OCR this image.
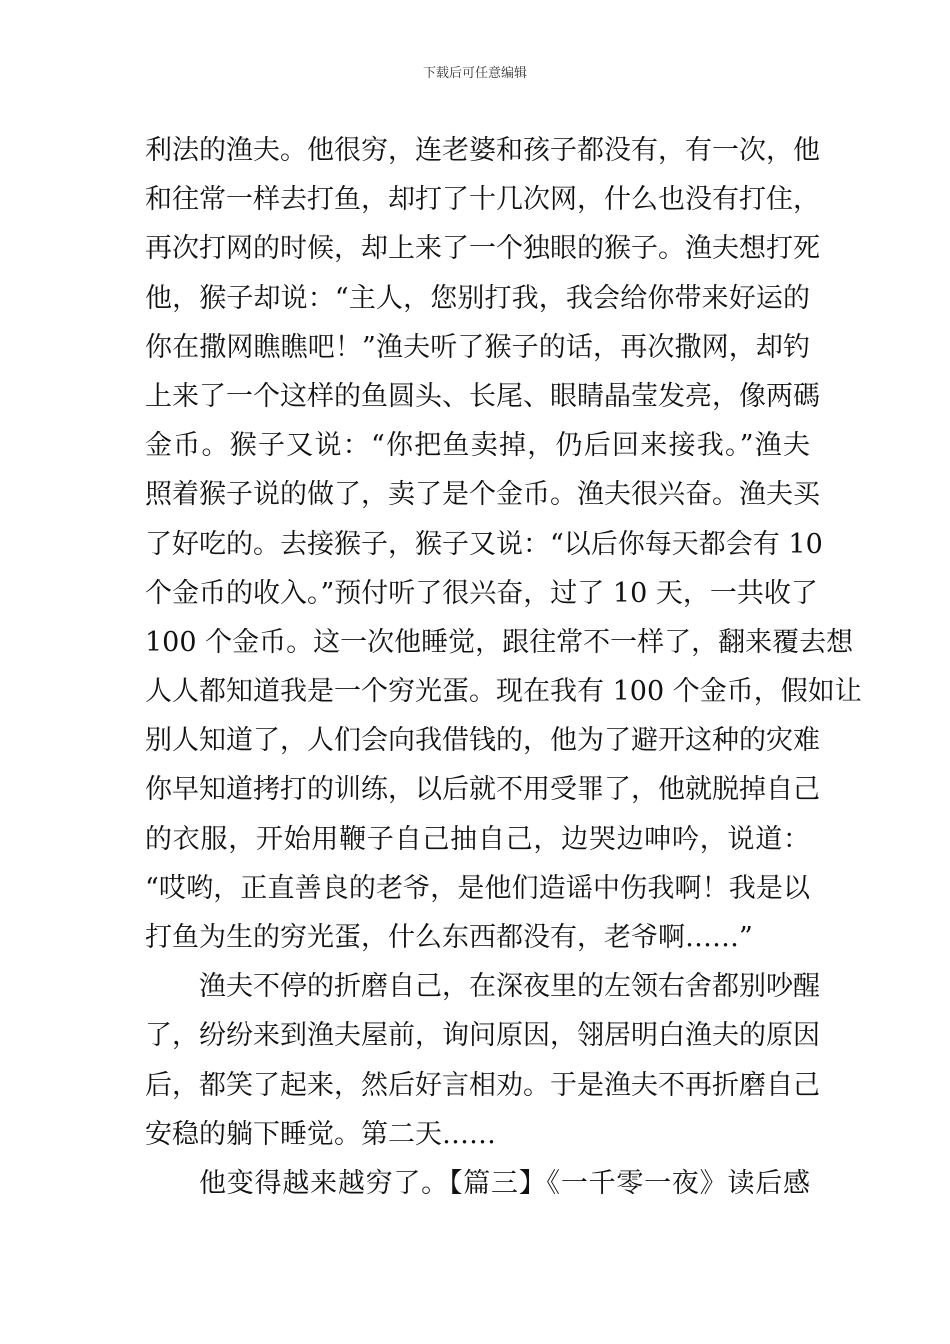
下载后可任意编辑
利法的渔夫。他很穷，连老婆和孩子都没有，有一次，他
和往常一样去打鱼，却打了十几次网，什么也没有打住，
再次打网的时候，却上来了一个独眼的猴子。渔夫想打死
他，猴子却说：“主人，您别打我，我会给你带来好运的
你在撒网瞧瞧吧！”渔夫听了猴子的话，再次撒网，却钓
上来了一个这样的鱼圆头、长尾、眼睛晶莹发亮，像两碼
金币。猴子又说：“你把鱼卖掉，仍后回来接我。”渔夫
照着猴子说的做了，卖了是个金币。渔夫很兴奋。渔夫买
了好吃的。去接猴子，猴子又说：“以后你每天都会有 10
个金币的收入。”预付听了很兴奋，过了 10 天，一共收了
100 个金币。这一次他睡觉，跟往常不一样了，翻来覆去想
人人都知道我是一个穷光蛋。现在我有 100 个金币，假如让
别人知道了，人们会向我借钱的，他为了避开这种的灾难
你早知道拷打的训练，以后就不用受罪了，他就脱掉自己
的衣服，开始用鞭子自己抽自己，边哭边呻吟，说道：
“哎哟，正直善良的老爷，是他们造谣中伤我啊！我是以
打鱼为生的穷光蛋，什么东西都没有，老爷啊……”
渔夫不停的折磨自己，在深夜里的左领右舍都别吵醒
了，纷纷来到渔夫屋前，询问原因，翎居明白渔夫的原因
后，都笑了起来，然后好言相劝。于是渔夫不再折磨自己
安稳的躺下睡觉。第二天……
他变得越来越穷了。【篇三】《一千零一夜》读后感
